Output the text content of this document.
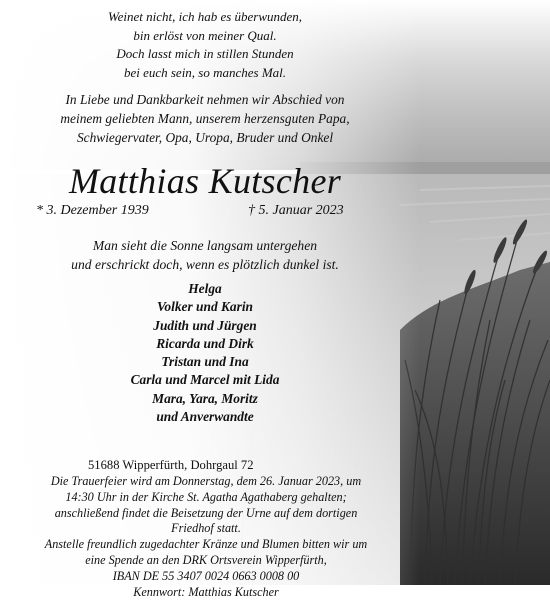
Weinet nicht, ich hab es überwunden,
bin erlöst von meiner Qual.
Doch lasst mich in stillen Stunden
bei euch sein, so manches Mal.
In Liebe und Dankbarkeit nehmen wir Abschied von
meinem geliebten Mann, unserem herzensguten Papa,
Schwiegervater, Opa, Uropa, Bruder und Onkel
Matthias Kutscher
* 3. Dezember 1939	† 5. Januar 2023
Man sieht die Sonne langsam untergehen
und erschrickt doch, wenn es plötzlich dunkel ist.
Helga
Volker und Karin
Judith und Jürgen
Ricarda und Dirk
Tristan und Ina
Carla und Marcel mit Lida
Mara, Yara, Moritz
und Anverwandte
51688 Wipperfürth, Dohrgaul 72
Die Trauerfeier wird am Donnerstag, dem 26. Januar 2023, um
14:30 Uhr in der Kirche St. Agatha Agathaberg gehalten;
anschließend findet die Beisetzung der Urne auf dem dortigen
Friedhof statt.
Anstelle freundlich zugedachter Kränze und Blumen bitten wir um
eine Spende an den DRK Ortsverein Wipperfürth,
IBAN DE 55 3407 0024 0663 0008 00
Kennwort: Matthias Kutscher
